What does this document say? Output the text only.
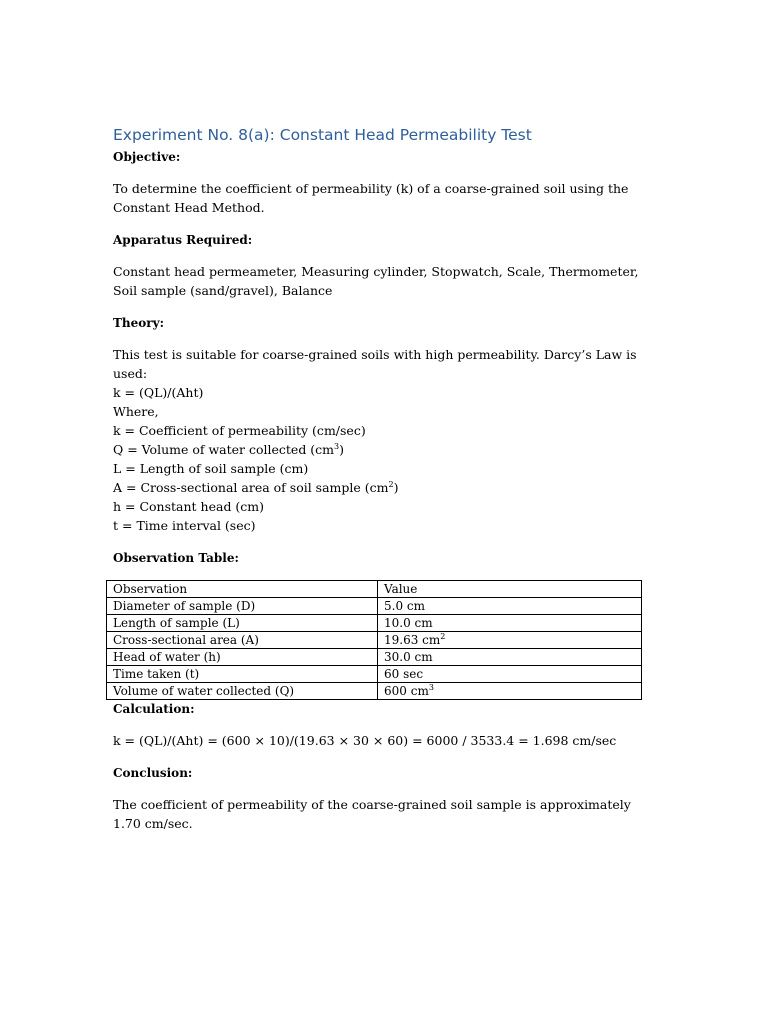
Experiment No. 8(a): Constant Head Permeability Test

Objective:

To determine the coefficient of permeability (k) of a coarse-grained soil using the Constant Head Method.

Apparatus Required:

Constant head permeameter, Measuring cylinder, Stopwatch, Scale, Thermometer, Soil sample (sand/gravel), Balance

Theory:

This test is suitable for coarse-grained soils with high permeability. Darcy’s Law is used:

k = (QL)/(Aht)

Where,

k = Coefficient of permeability (cm/sec)

Q = Volume of water collected $(cm^3)$

L = Length of soil sample (cm)

A = Cross-sectional area of soil sample $(cm^2)$

h = Constant head (cm)

t = Time interval (sec)

Observation Table:

Observation	Value
Diameter of sample (D)	5.0 cm
Length of sample (L)	10.0 cm
Cross-sectional area (A)	19.63 $cm^2$
Head of water (h)	30.0 cm
Time taken (t)	60 sec
Volume of water collected (Q)	600 $cm^3$

Calculation:

k = (QL)/(Aht) = (600 × 10)/(19.63 × 30 × 60) = 6000 / 3533.4 = 1.698 cm/sec

Conclusion:

The coefficient of permeability of the coarse-grained soil sample is approximately 1.70 cm/sec.
